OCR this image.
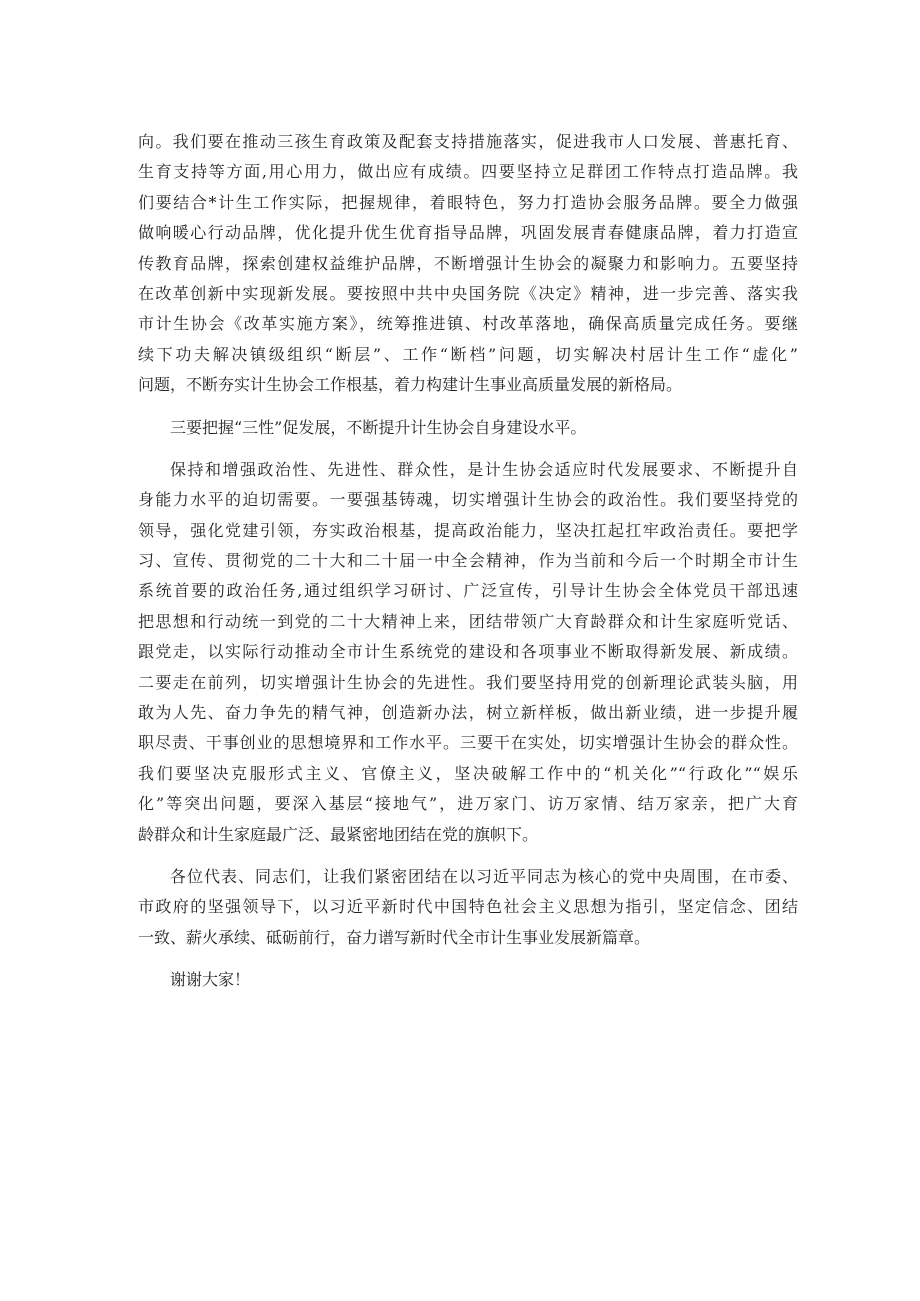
向。我们要在推动三孩生育政策及配套支持措施落实，促进我市人口发展、普惠托育、
生育支持等方面,用心用力，做出应有成绩。四要坚持立足群团工作特点打造品牌。我
们要结合*计生工作实际，把握规律，着眼特色，努力打造协会服务品牌。要全力做强
做响暖心行动品牌，优化提升优生优育指导品牌，巩固发展青春健康品牌，着力打造宣
传教育品牌，探索创建权益维护品牌，不断增强计生协会的凝聚力和影响力。五要坚持
在改革创新中实现新发展。要按照中共中央国务院《决定》精神，进一步完善、落实我
市计生协会《改革实施方案》，统筹推进镇、村改革落地，确保高质量完成任务。要继
续下功夫解决镇级组织“断层”、工作“断档”问题，切实解决村居计生工作“虚化”
问题，不断夯实计生协会工作根基，着力构建计生事业高质量发展的新格局。

三要把握“三性”促发展，不断提升计生协会自身建设水平。

保持和增强政治性、先进性、群众性，是计生协会适应时代发展要求、不断提升自
身能力水平的迫切需要。一要强基铸魂，切实增强计生协会的政治性。我们要坚持党的
领导，强化党建引领，夯实政治根基，提高政治能力，坚决扛起扛牢政治责任。要把学
习、宣传、贯彻党的二十大和二十届一中全会精神，作为当前和今后一个时期全市计生
系统首要的政治任务,通过组织学习研讨、广泛宣传，引导计生协会全体党员干部迅速
把思想和行动统一到党的二十大精神上来，团结带领广大育龄群众和计生家庭听党话、
跟党走，以实际行动推动全市计生系统党的建设和各项事业不断取得新发展、新成绩。
二要走在前列，切实增强计生协会的先进性。我们要坚持用党的创新理论武装头脑，用
敢为人先、奋力争先的精气神，创造新办法，树立新样板，做出新业绩，进一步提升履
职尽责、干事创业的思想境界和工作水平。三要干在实处，切实增强计生协会的群众性。
我们要坚决克服形式主义、官僚主义，坚决破解工作中的“机关化”“行政化”“娱乐
化”等突出问题，要深入基层“接地气”，进万家门、访万家情、结万家亲，把广大育
龄群众和计生家庭最广泛、最紧密地团结在党的旗帜下。

各位代表、同志们，让我们紧密团结在以习近平同志为核心的党中央周围，在市委、
市政府的坚强领导下，以习近平新时代中国特色社会主义思想为指引，坚定信念、团结
一致、薪火承续、砥砺前行，奋力谱写新时代全市计生事业发展新篇章。

谢谢大家！
